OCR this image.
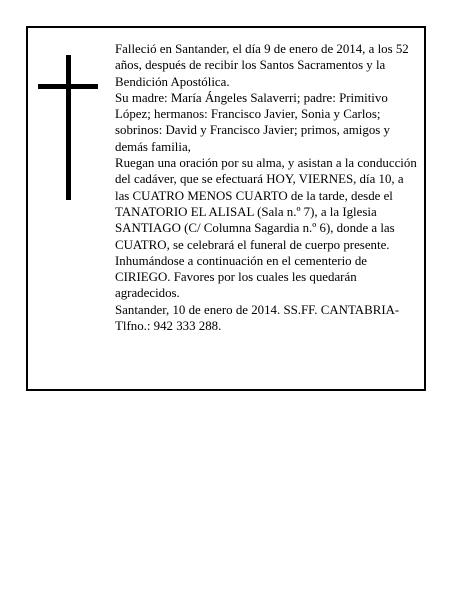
Falleció en Santander, el día 9 de enero de 2014, a los 52 años, después de recibir los Santos Sacramentos y la Bendición Apostólica.

Su madre: María Ángeles Salaverri; padre: Primitivo López; hermanos: Francisco Javier, Sonia y Carlos; sobrinos: David y Francisco Javier; primos, amigos y demás familia,

Ruegan una oración por su alma, y asistan a la conducción del cadáver, que se efectuará HOY, VIERNES, día 10, a las CUATRO MENOS CUARTO de la tarde, desde el TANATORIO EL ALISAL (Sala n.º 7), a la Iglesia SANTIAGO (C/ Columna Sagardia n.º 6), donde a las CUATRO, se celebrará el funeral de cuerpo presente. Inhumándose a continuación en el cementerio de CIRIEGO. Favores por los cuales les quedarán agradecidos.

Santander, 10 de enero de 2014. SS.FF. CANTABRIA-Tlfno.: 942 333 288.
